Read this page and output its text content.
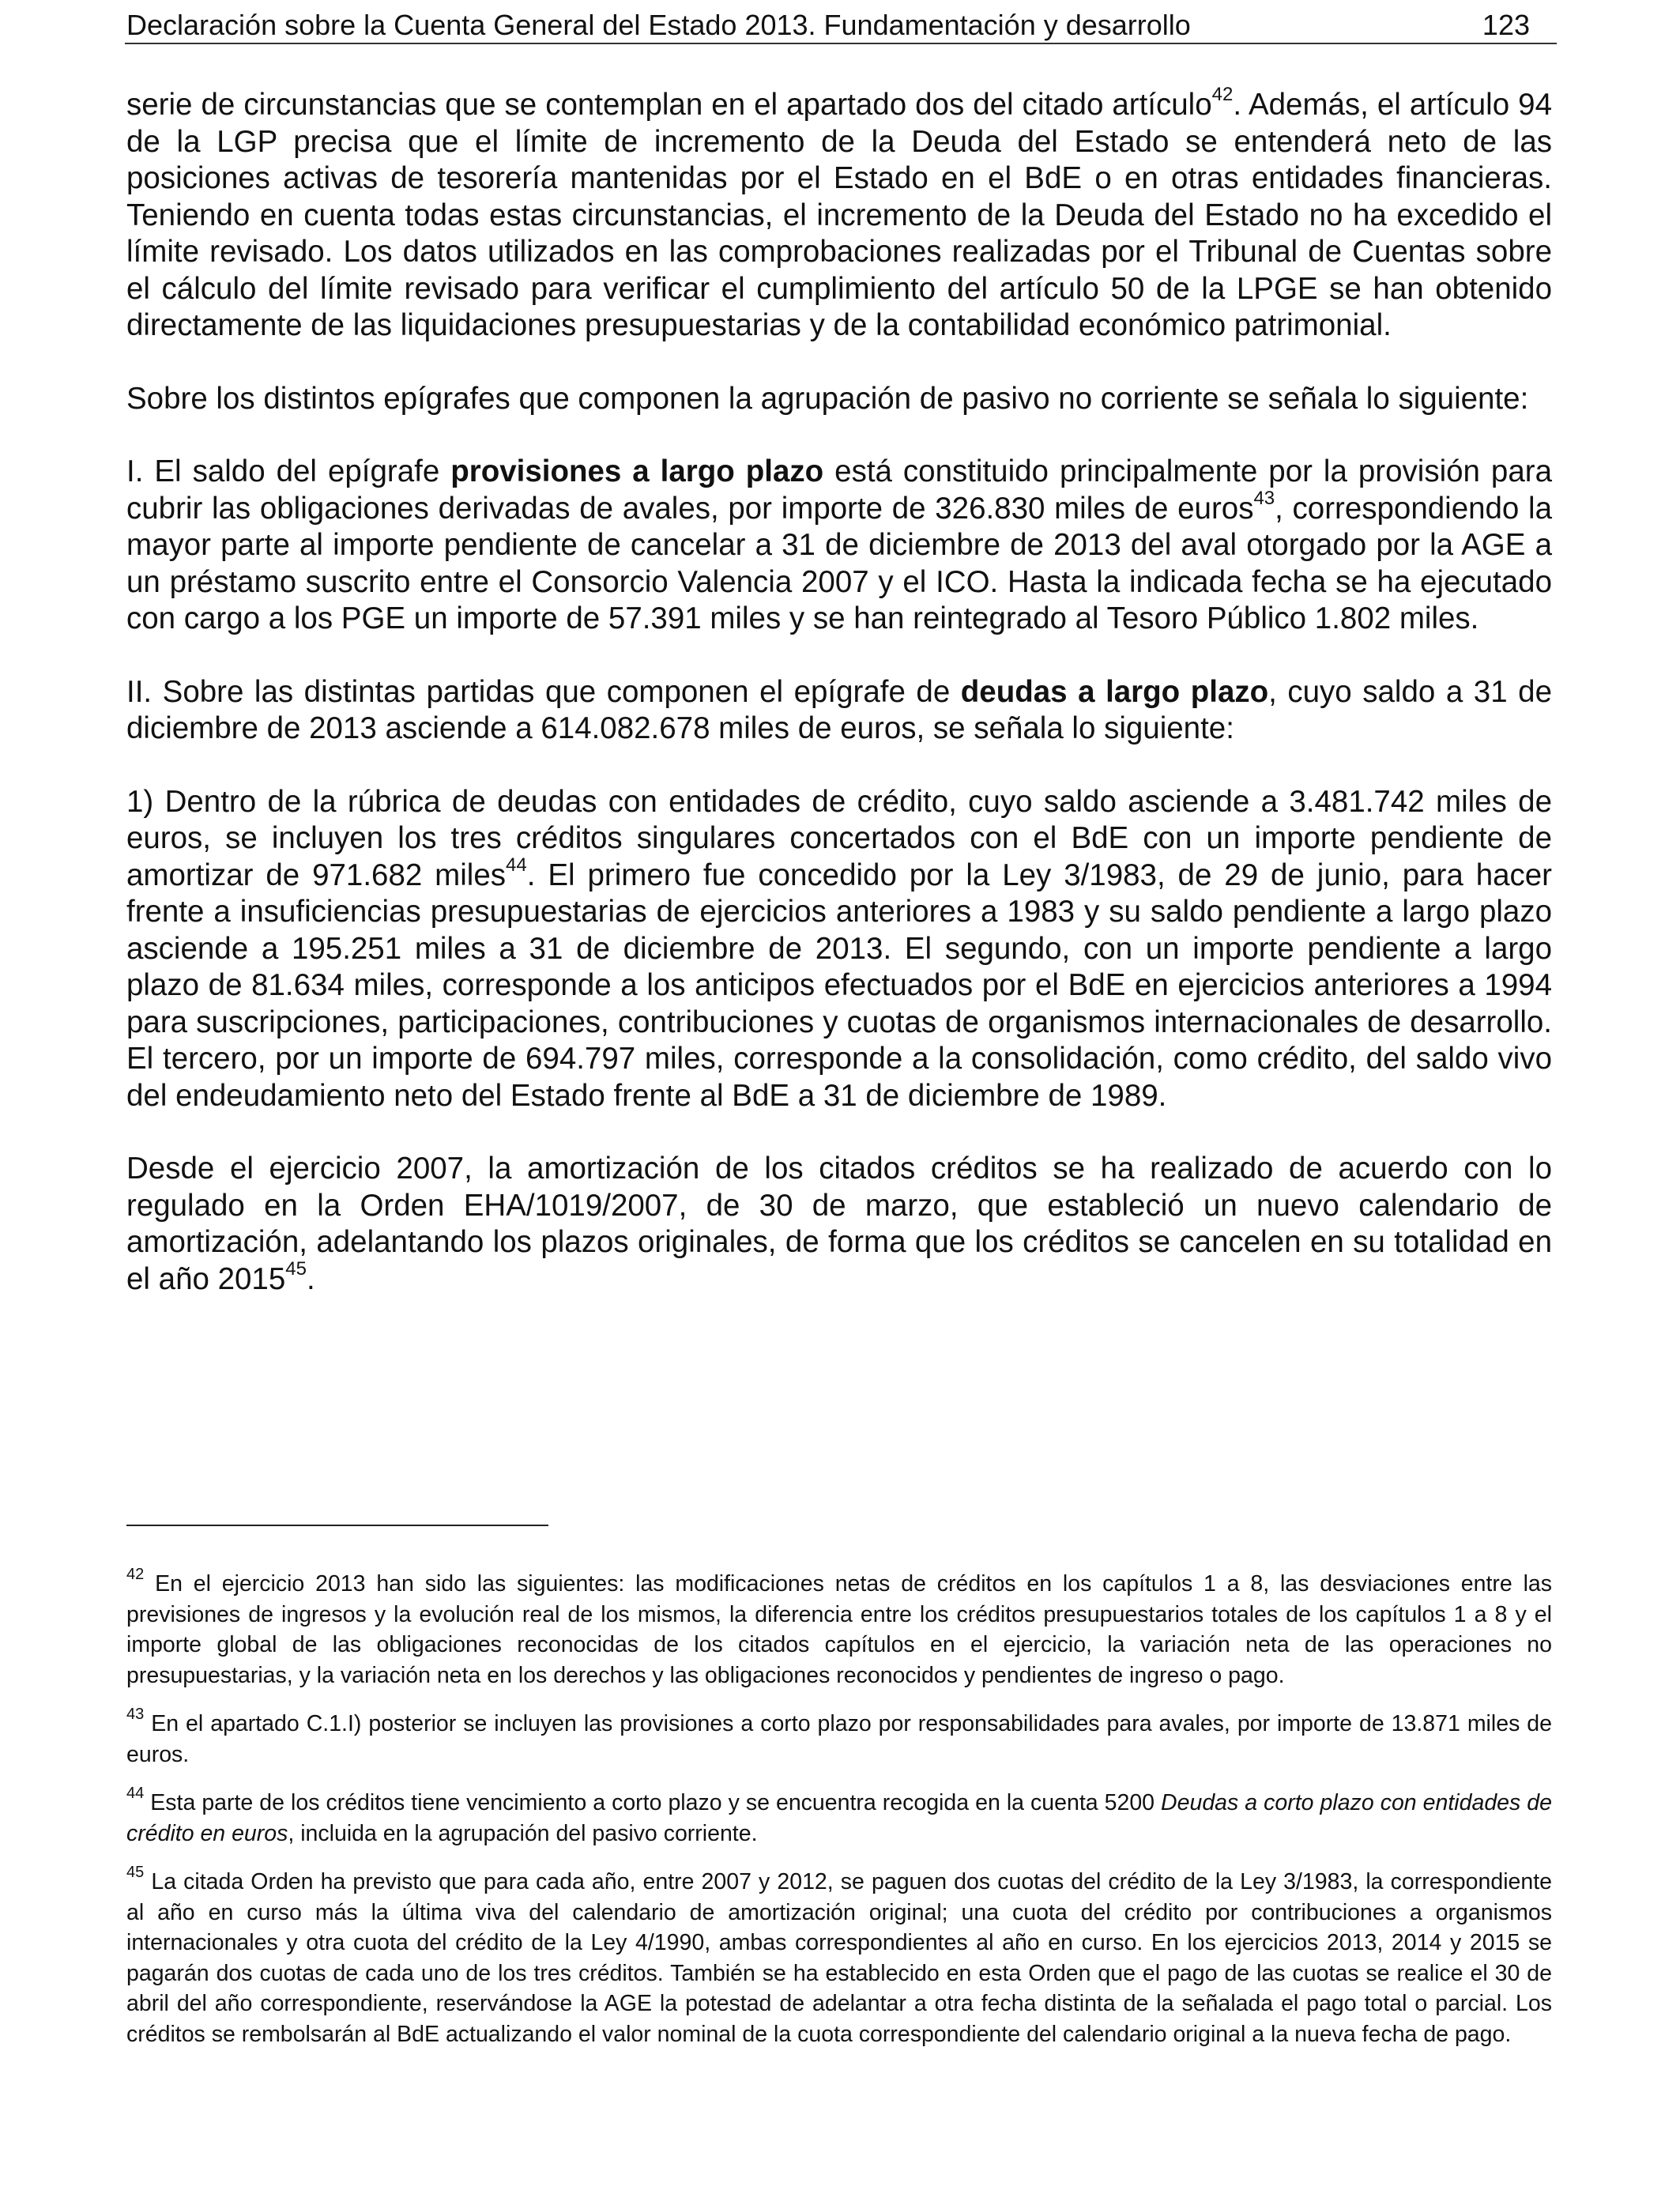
Declaración sobre la Cuenta General del Estado 2013. Fundamentación y desarrollo	123

serie de circunstancias que se contemplan en el apartado dos del citado artículo$^{42}$. Además, el artículo 94 de la LGP precisa que el límite de incremento de la Deuda del Estado se entenderá neto de las posiciones activas de tesorería mantenidas por el Estado en el BdE o en otras entidades financieras. Teniendo en cuenta todas estas circunstancias, el incremento de la Deuda del Estado no ha excedido el límite revisado. Los datos utilizados en las comprobaciones realizadas por el Tribunal de Cuentas sobre el cálculo del límite revisado para verificar el cumplimiento del artículo 50 de la LPGE se han obtenido directamente de las liquidaciones presupuestarias y de la contabilidad económico patrimonial.

Sobre los distintos epígrafes que componen la agrupación de pasivo no corriente se señala lo siguiente:

I. El saldo del epígrafe provisiones a largo plazo está constituido principalmente por la provisión para cubrir las obligaciones derivadas de avales, por importe de 326.830 miles de euros$^{43}$, correspondiendo la mayor parte al importe pendiente de cancelar a 31 de diciembre de 2013 del aval otorgado por la AGE a un préstamo suscrito entre el Consorcio Valencia 2007 y el ICO. Hasta la indicada fecha se ha ejecutado con cargo a los PGE un importe de 57.391 miles y se han reintegrado al Tesoro Público 1.802 miles.

II. Sobre las distintas partidas que componen el epígrafe de deudas a largo plazo, cuyo saldo a 31 de diciembre de 2013 asciende a 614.082.678 miles de euros, se señala lo siguiente:

1) Dentro de la rúbrica de deudas con entidades de crédito, cuyo saldo asciende a 3.481.742 miles de euros, se incluyen los tres créditos singulares concertados con el BdE con un importe pendiente de amortizar de 971.682 miles$^{44}$. El primero fue concedido por la Ley 3/1983, de 29 de junio, para hacer frente a insuficiencias presupuestarias de ejercicios anteriores a 1983 y su saldo pendiente a largo plazo asciende a 195.251 miles a 31 de diciembre de 2013. El segundo, con un importe pendiente a largo plazo de 81.634 miles, corresponde a los anticipos efectuados por el BdE en ejercicios anteriores a 1994 para suscripciones, participaciones, contribuciones y cuotas de organismos internacionales de desarrollo. El tercero, por un importe de 694.797 miles, corresponde a la consolidación, como crédito, del saldo vivo del endeudamiento neto del Estado frente al BdE a 31 de diciembre de 1989.

Desde el ejercicio 2007, la amortización de los citados créditos se ha realizado de acuerdo con lo regulado en la Orden EHA/1019/2007, de 30 de marzo, que estableció un nuevo calendario de amortización, adelantando los plazos originales, de forma que los créditos se cancelen en su totalidad en el año 2015$^{45}$.

$^{42}$ En el ejercicio 2013 han sido las siguientes: las modificaciones netas de créditos en los capítulos 1 a 8, las desviaciones entre las previsiones de ingresos y la evolución real de los mismos, la diferencia entre los créditos presupuestarios totales de los capítulos 1 a 8 y el importe global de las obligaciones reconocidas de los citados capítulos en el ejercicio, la variación neta de las operaciones no presupuestarias, y la variación neta en los derechos y las obligaciones reconocidos y pendientes de ingreso o pago.

$^{43}$ En el apartado C.1.I) posterior se incluyen las provisiones a corto plazo por responsabilidades para avales, por importe de 13.871 miles de euros.

$^{44}$ Esta parte de los créditos tiene vencimiento a corto plazo y se encuentra recogida en la cuenta 5200 Deudas a corto plazo con entidades de crédito en euros, incluida en la agrupación del pasivo corriente.

$^{45}$ La citada Orden ha previsto que para cada año, entre 2007 y 2012, se paguen dos cuotas del crédito de la Ley 3/1983, la correspondiente al año en curso más la última viva del calendario de amortización original; una cuota del crédito por contribuciones a organismos internacionales y otra cuota del crédito de la Ley 4/1990, ambas correspondientes al año en curso. En los ejercicios 2013, 2014 y 2015 se pagarán dos cuotas de cada uno de los tres créditos. También se ha establecido en esta Orden que el pago de las cuotas se realice el 30 de abril del año correspondiente, reservándose la AGE la potestad de adelantar a otra fecha distinta de la señalada el pago total o parcial. Los créditos se rembolsarán al BdE actualizando el valor nominal de la cuota correspondiente del calendario original a la nueva fecha de pago.
